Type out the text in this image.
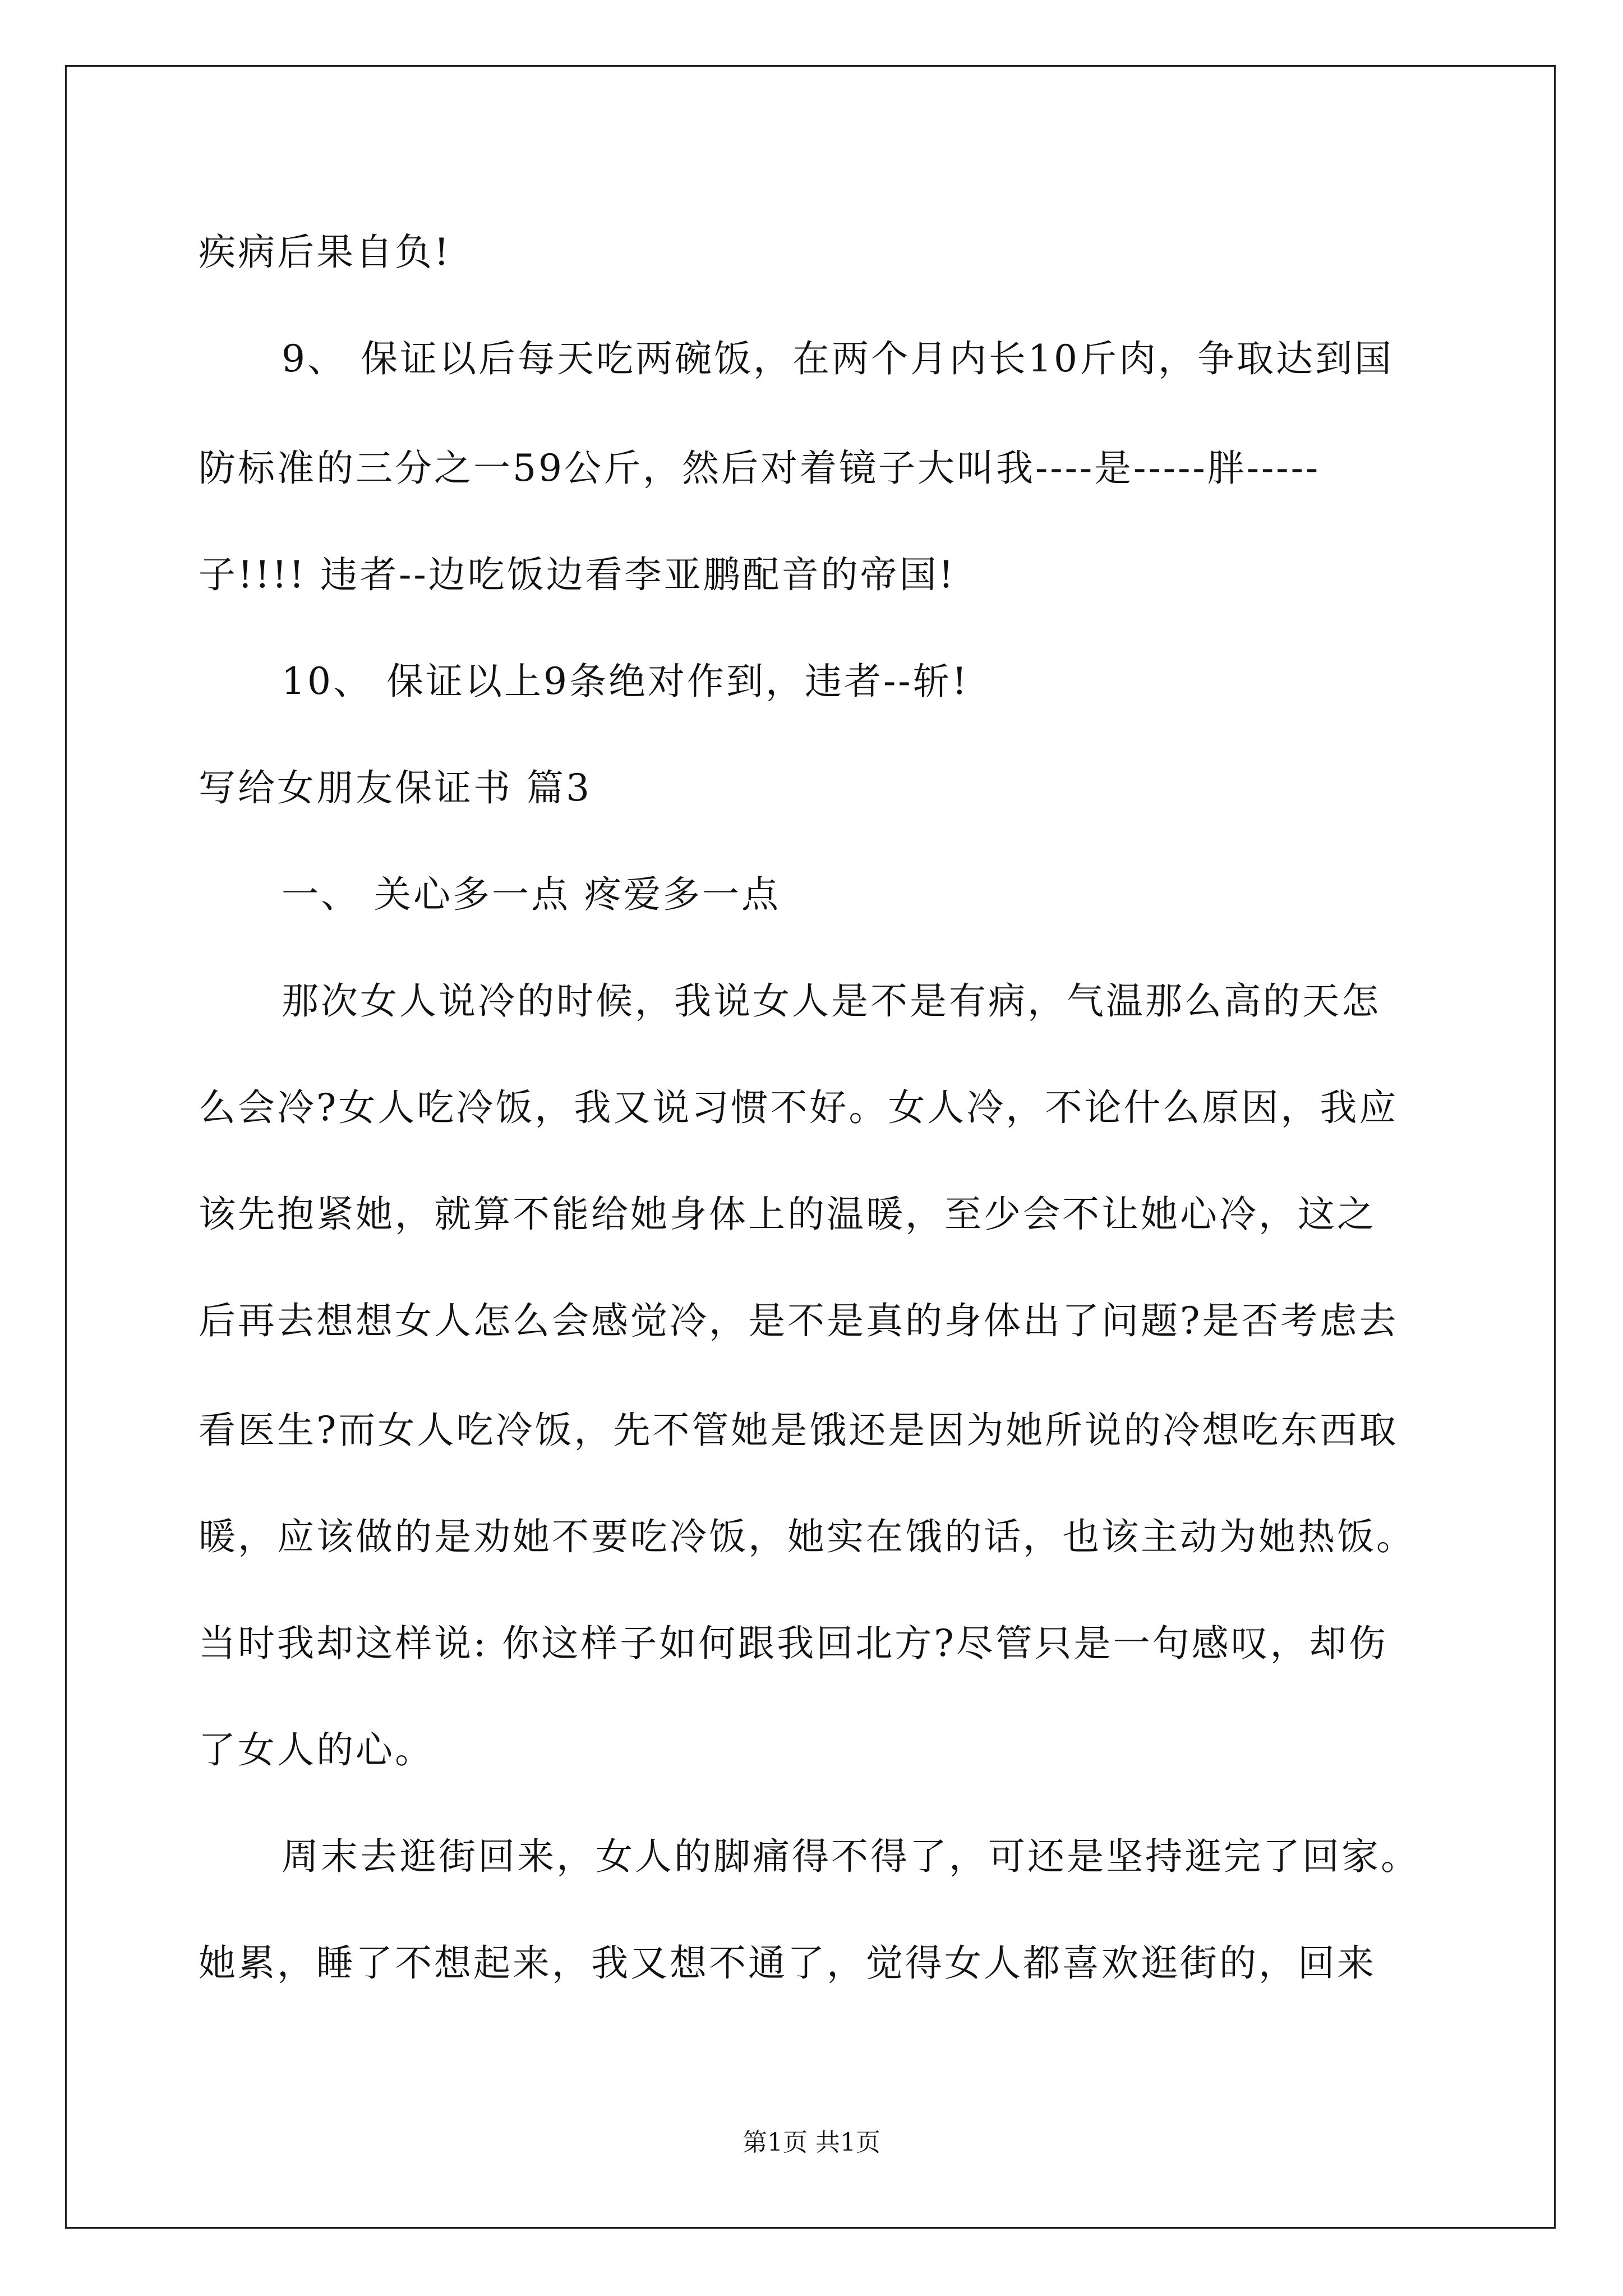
疾病后果自负!
9、 保证以后每天吃两碗饭，在两个月内长10斤肉，争取达到国
防标准的三分之一59公斤，然后对着镜子大叫我----是-----胖-----
子!!!! 违者--边吃饭边看李亚鹏配音的帝国!
10、 保证以上9条绝对作到，违者--斩!
写给女朋友保证书 篇3
一、 关心多一点 疼爱多一点
那次女人说冷的时候，我说女人是不是有病，气温那么高的天怎
么会冷?女人吃冷饭，我又说习惯不好。女人冷，不论什么原因，我应
该先抱紧她，就算不能给她身体上的温暖，至少会不让她心冷，这之
后再去想想女人怎么会感觉冷，是不是真的身体出了问题?是否考虑去
看医生?而女人吃冷饭，先不管她是饿还是因为她所说的冷想吃东西取
暖，应该做的是劝她不要吃冷饭，她实在饿的话，也该主动为她热饭。
当时我却这样说: 你这样子如何跟我回北方?尽管只是一句感叹，却伤
了女人的心。
周末去逛街回来，女人的脚痛得不得了，可还是坚持逛完了回家。
她累，睡了不想起来，我又想不通了，觉得女人都喜欢逛街的，回来
第1页 共1页
